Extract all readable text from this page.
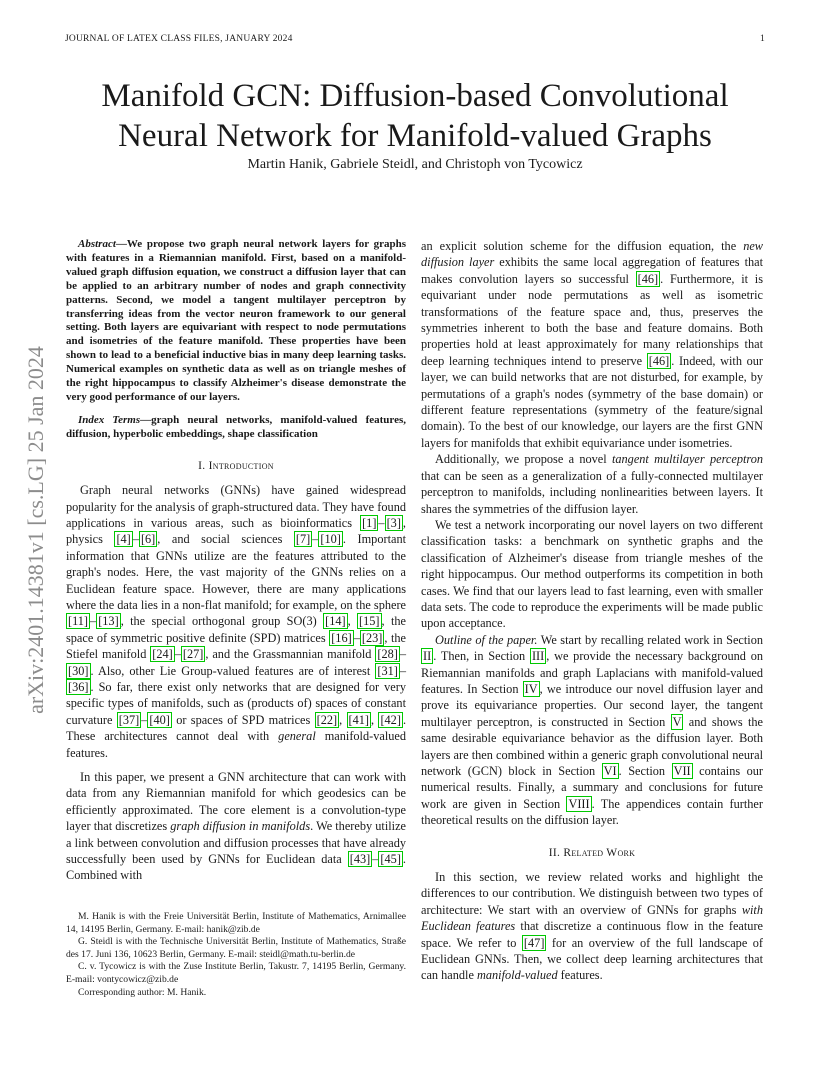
JOURNAL OF LATEX CLASS FILES, JANUARY 2024	1
arXiv:2401.14381v1 [cs.LG] 25 Jan 2024
Manifold GCN: Diffusion-based Convolutional
Neural Network for Manifold-valued Graphs
Martin Hanik, Gabriele Steidl, and Christoph von Tycowicz

Abstract—We propose two graph neural network layers for graphs with features in a Riemannian manifold. First, based on a manifold-valued graph diffusion equation, we construct a diffusion layer that can be applied to an arbitrary number of nodes and graph connectivity patterns. Second, we model a tangent multilayer perceptron by transferring ideas from the vector neuron framework to our general setting. Both layers are equivariant with respect to node permutations and isometries of the feature manifold. These properties have been shown to lead to a beneficial inductive bias in many deep learning tasks. Numerical examples on synthetic data as well as on triangle meshes of the right hippocampus to classify Alzheimer's disease demonstrate the very good performance of our layers.

Index Terms—graph neural networks, manifold-valued features, diffusion, hyperbolic embeddings, shape classification

I. Introduction

Graph neural networks (GNNs) have gained widespread popularity for the analysis of graph-structured data. They have found applications in various areas, such as bioinformatics [1] – [3] , physics [4] – [6] , and social sciences [7] – [10] . Important information that GNNs utilize are the features attributed to the graph's nodes. Here, the vast majority of the GNNs relies on a Euclidean feature space. However, there are many applications where the data lies in a non-flat manifold; for example, on the sphere [11] – [13] , the special orthogonal group SO(3) [14] , [15] , the space of symmetric positive definite (SPD) matrices [16] – [23] , the Stiefel manifold [24] – [27] , and the Grassmannian manifold [28] –[30] . Also, other Lie Group-valued features are of interest [31] –[36] . So far, there exist only networks that are designed for very specific types of manifolds, such as (products of) spaces of constant curvature [37] – [40] or spaces of SPD matrices [22] , [41] , [42] . These architectures cannot deal with general manifold-valued features.

In this paper, we present a GNN architecture that can work with data from any Riemannian manifold for which geodesics can be efficiently approximated. The core element is a convolution-type layer that discretizes graph diffusion in manifolds. We thereby utilize a link between convolution and diffusion processes that have already successfully been used by GNNs for Euclidean data [43] – [45] . Combined with

M. Hanik is with the Freie Universität Berlin, Institute of Mathematics, Arnimallee 14, 14195 Berlin, Germany. E-mail: hanik@zib.de

G. Steidl is with the Technische Universität Berlin, Institute of Mathematics, Straße des 17. Juni 136, 10623 Berlin, Germany. E-mail: steidl@math.tu-berlin.de

C. v. Tycowicz is with the Zuse Institute Berlin, Takustr. 7, 14195 Berlin, Germany. E-mail: vontycowicz@zib.de

Corresponding author: M. Hanik.

an explicit solution scheme for the diffusion equation, the new diffusion layer exhibits the same local aggregation of features that makes convolution layers so successful [46] . Furthermore, it is equivariant under node permutations as well as isometric transformations of the feature space and, thus, preserves the symmetries inherent to both the base and feature domains. Both properties hold at least approximately for many relationships that deep learning techniques intend to preserve [46] . Indeed, with our layer, we can build networks that are not disturbed, for example, by permutations of a graph's nodes (symmetry of the base domain) or different feature representations (symmetry of the feature/signal domain). To the best of our knowledge, our layers are the first GNN layers for manifolds that exhibit equivariance under isometries.

Additionally, we propose a novel tangent multilayer perceptron that can be seen as a generalization of a fully-connected multilayer perceptron to manifolds, including nonlinearities between layers. It shares the symmetries of the diffusion layer.

We test a network incorporating our novel layers on two different classification tasks: a benchmark on synthetic graphs and the classification of Alzheimer's disease from triangle meshes of the right hippocampus. Our method outperforms its competition in both cases. We find that our layers lead to fast learning, even with smaller data sets. The code to reproduce the experiments will be made public upon acceptance.

Outline of the paper. We start by recalling related work in Section II . Then, in Section III , we provide the necessary background on Riemannian manifolds and graph Laplacians with manifold-valued features. In Section IV , we introduce our novel diffusion layer and prove its equivariance properties. Our second layer, the tangent multilayer perceptron, is constructed in Section V and shows the same desirable equivariance behavior as the diffusion layer. Both layers are then combined within a generic graph convolutional neural network (GCN) block in Section VI . Section VII contains our numerical results. Finally, a summary and conclusions for future work are given in Section VIII . The appendices contain further theoretical results on the diffusion layer.

II. Related Work

In this section, we review related works and highlight the differences to our contribution. We distinguish between two types of architecture: We start with an overview of GNNs for graphs with Euclidean features that discretize a continuous flow in the feature space. We refer to [47] for an overview of the full landscape of Euclidean GNNs. Then, we collect deep learning architectures that can handle manifold-valued features.
